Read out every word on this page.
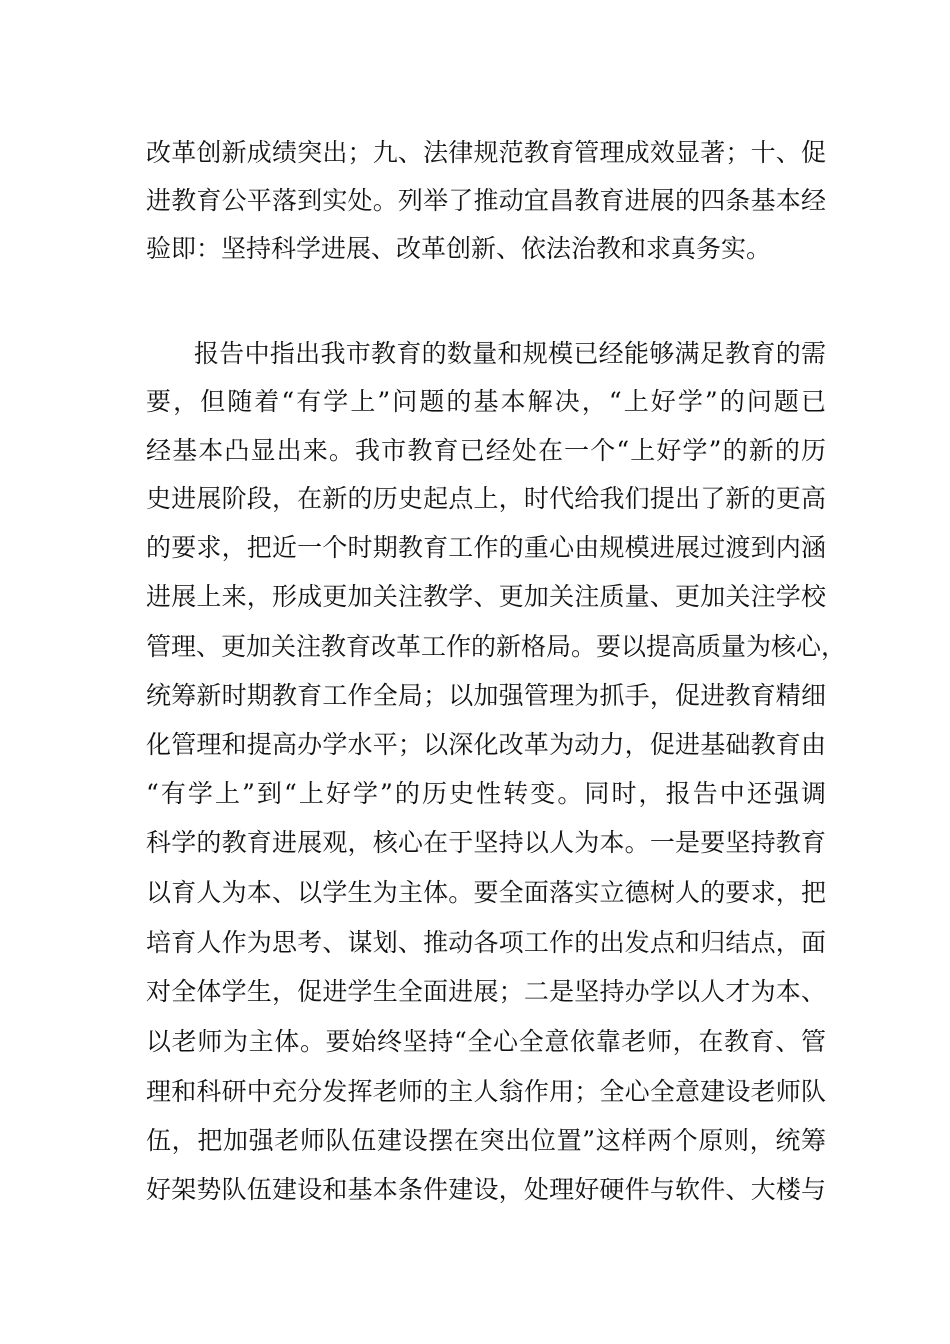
改革创新成绩突出；九、法律规范教育管理成效显著；十、促
进教育公平落到实处。列举了推动宜昌教育进展的四条基本经
验即：坚持科学进展、改革创新、依法治教和求真务实。
报告中指出我市教育的数量和规模已经能够满足教育的需
要，但随着“有学上”问题的基本解决，“上好学”的问题已
经基本凸显出来。我市教育已经处在一个“上好学”的新的历
史进展阶段，在新的历史起点上，时代给我们提出了新的更高
的要求，把近一个时期教育工作的重心由规模进展过渡到内涵
进展上来，形成更加关注教学、更加关注质量、更加关注学校
管理、更加关注教育改革工作的新格局。要以提高质量为核心，
统筹新时期教育工作全局；以加强管理为抓手，促进教育精细
化管理和提高办学水平；以深化改革为动力，促进基础教育由
“有学上”到“上好学”的历史性转变。同时，报告中还强调
科学的教育进展观，核心在于坚持以人为本。一是要坚持教育
以育人为本、以学生为主体。要全面落实立德树人的要求，把
培育人作为思考、谋划、推动各项工作的出发点和归结点，面
对全体学生，促进学生全面进展；二是坚持办学以人才为本、
以老师为主体。要始终坚持“全心全意依靠老师，在教育、管
理和科研中充分发挥老师的主人翁作用；全心全意建设老师队
伍，把加强老师队伍建设摆在突出位置”这样两个原则，统筹
好架势队伍建设和基本条件建设，处理好硬件与软件、大楼与
